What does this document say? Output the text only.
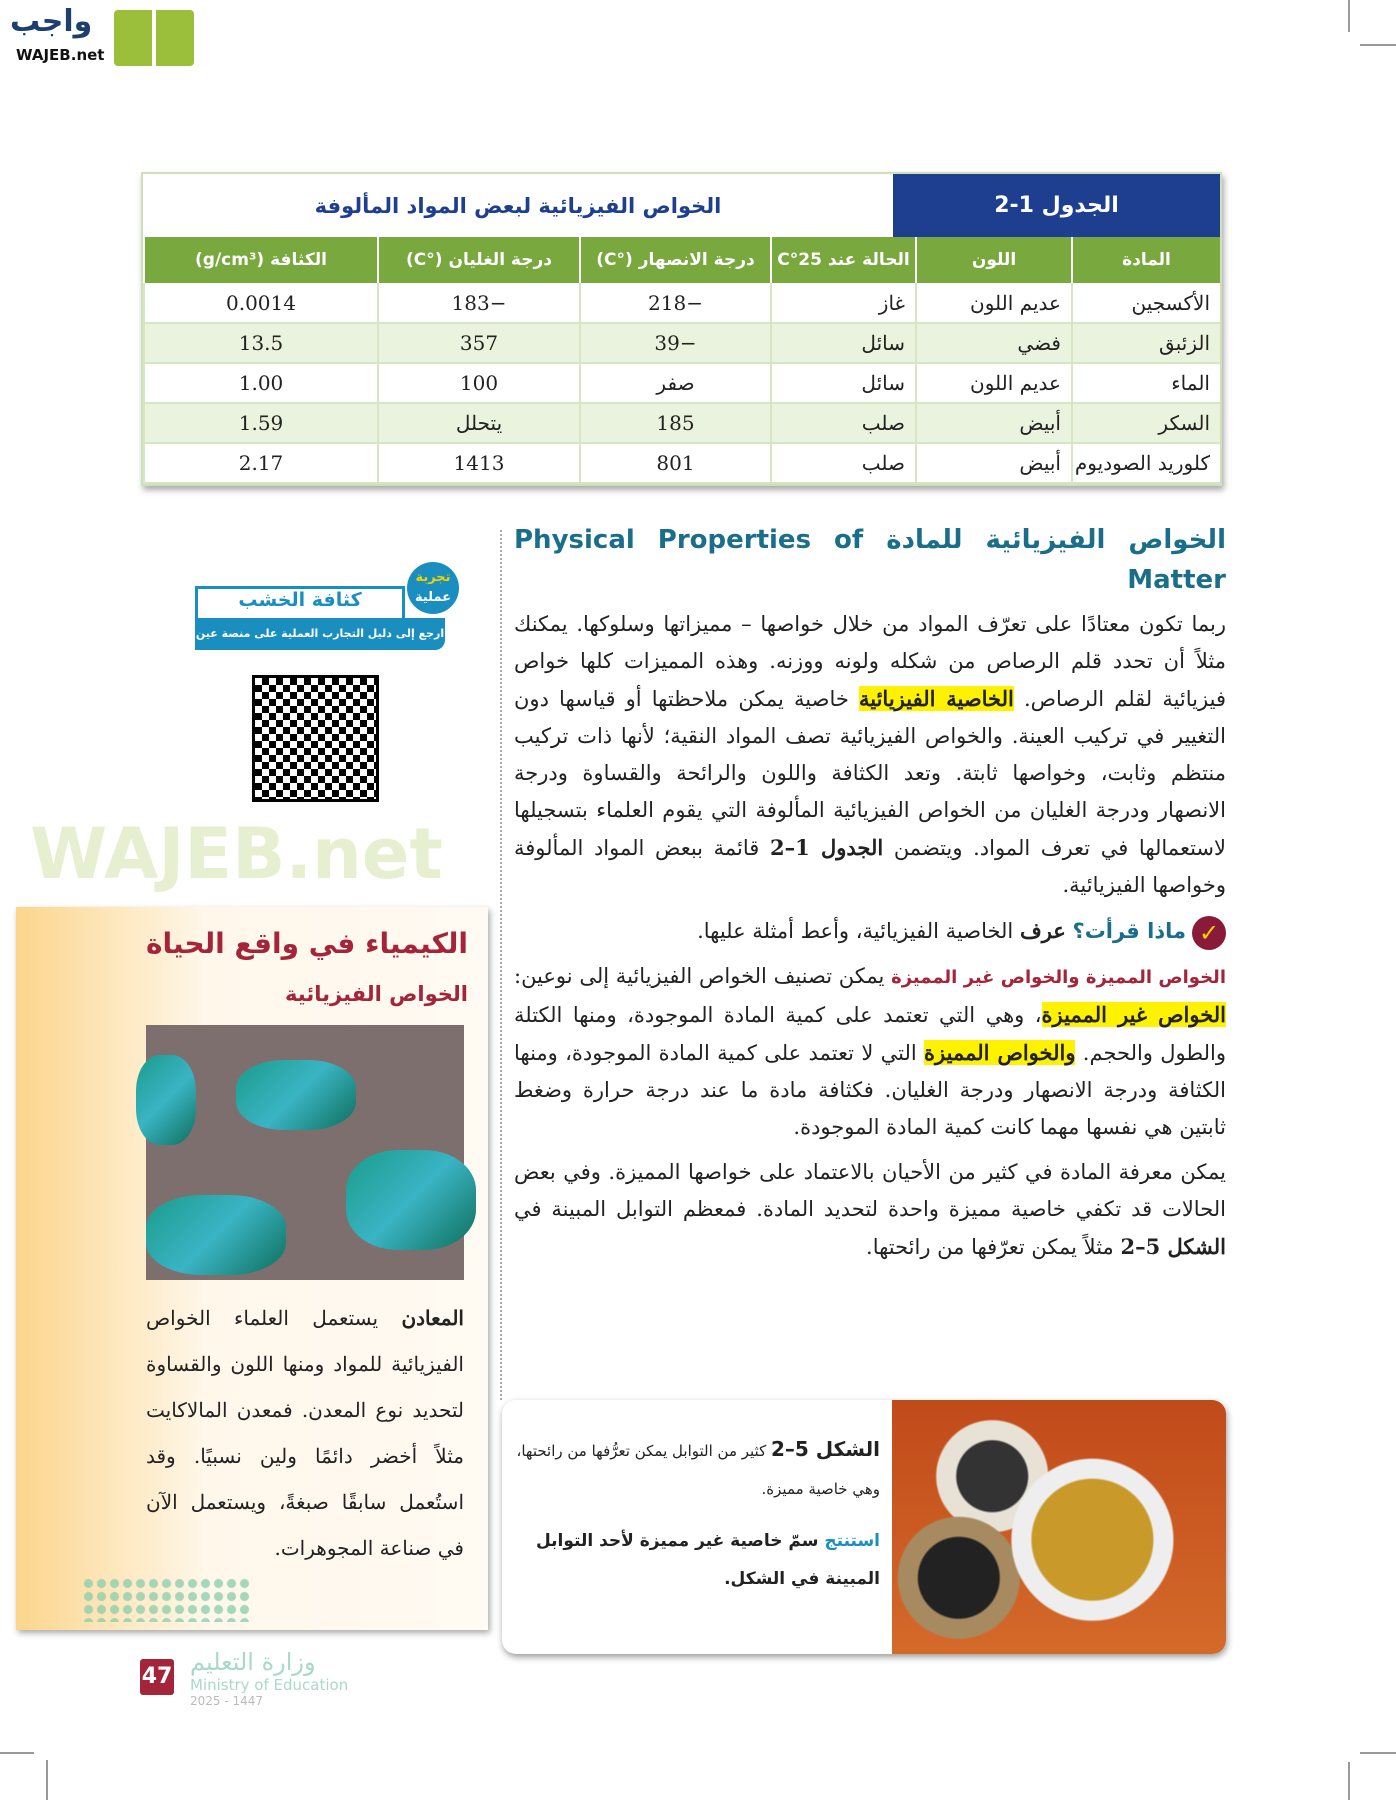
واجب
WAJEB.net
الجدول 1-2
الخواص الفيزيائية لبعض المواد المألوفة
المادة	اللون	الحالة عند 25°C	درجة الانصهار (°C)	درجة الغليان (°C)	الكثافة (g/cm³)
الأكسجين	عديم اللون	غاز	−218	−183	0.0014
الزئبق	فضي	سائل	−39	357	13.5
الماء	عديم اللون	سائل	صفر	100	1.00
السكر	أبيض	صلب	185	يتحلل	1.59
كلوريد الصوديوم	أبيض	صلب	801	1413	2.17
WAJEB.net
الخواص الفيزيائية للمادة Physical Properties of Matter

ربما تكون معتادًا على تعرّف المواد من خلال خواصها – مميزاتها وسلوكها. يمكنك مثلاً أن تحدد قلم الرصاص من شكله ولونه ووزنه. وهذه المميزات كلها خواص فيزيائية لقلم الرصاص. الخاصية الفيزيائية خاصية يمكن ملاحظتها أو قياسها دون التغيير في تركيب العينة. والخواص الفيزيائية تصف المواد النقية؛ لأنها ذات تركيب منتظم وثابت، وخواصها ثابتة. وتعد الكثافة واللون والرائحة والقساوة ودرجة الانصهار ودرجة الغليان من الخواص الفيزيائية المألوفة التي يقوم العلماء بتسجيلها لاستعمالها في تعرف المواد. ويتضمن الجدول 1–2 قائمة ببعض المواد المألوفة وخواصها الفيزيائية.

✓ماذا قرأت؟ عرف الخاصية الفيزيائية، وأعط أمثلة عليها.

الخواص المميزة والخواص غير المميزة يمكن تصنيف الخواص الفيزيائية إلى نوعين: الخواص غير المميزة، وهي التي تعتمد على كمية المادة الموجودة، ومنها الكتلة والطول والحجم. والخواص المميزة التي لا تعتمد على كمية المادة الموجودة، ومنها الكثافة ودرجة الانصهار ودرجة الغليان. فكثافة مادة ما عند درجة حرارة وضغط ثابتين هي نفسها مهما كانت كمية المادة الموجودة.

يمكن معرفة المادة في كثير من الأحيان بالاعتماد على خواصها المميزة. وفي بعض الحالات قد تكفي خاصية مميزة واحدة لتحديد المادة. فمعظم التوابل المبينة في الشكل 5–2 مثلاً يمكن تعرّفها من رائحتها.

كثافة الخشب
ارجع إلى دليل التجارب العملية على منصة عين
تجربة
عملية
الكيمياء في واقع الحياة
الخواص الفيزيائية
المعادن يستعمل العلماء الخواص الفيزيائية للمواد ومنها اللون والقساوة لتحديد نوع المعدن. فمعدن المالاكايت مثلاً أخضر دائمًا ولين نسبيًا. وقد استُعمل سابقًا صبغةً، ويستعمل الآن في صناعة المجوهرات.
الشكل 5–2 كثير من التوابل يمكن تعرُّفها من رائحتها، وهي خاصية مميزة.
استنتج سمّ خاصية غير مميزة لأحد التوابل المبينة في الشكل.
وزارة التعليم
Ministry of Education
2025 - 1447
47
